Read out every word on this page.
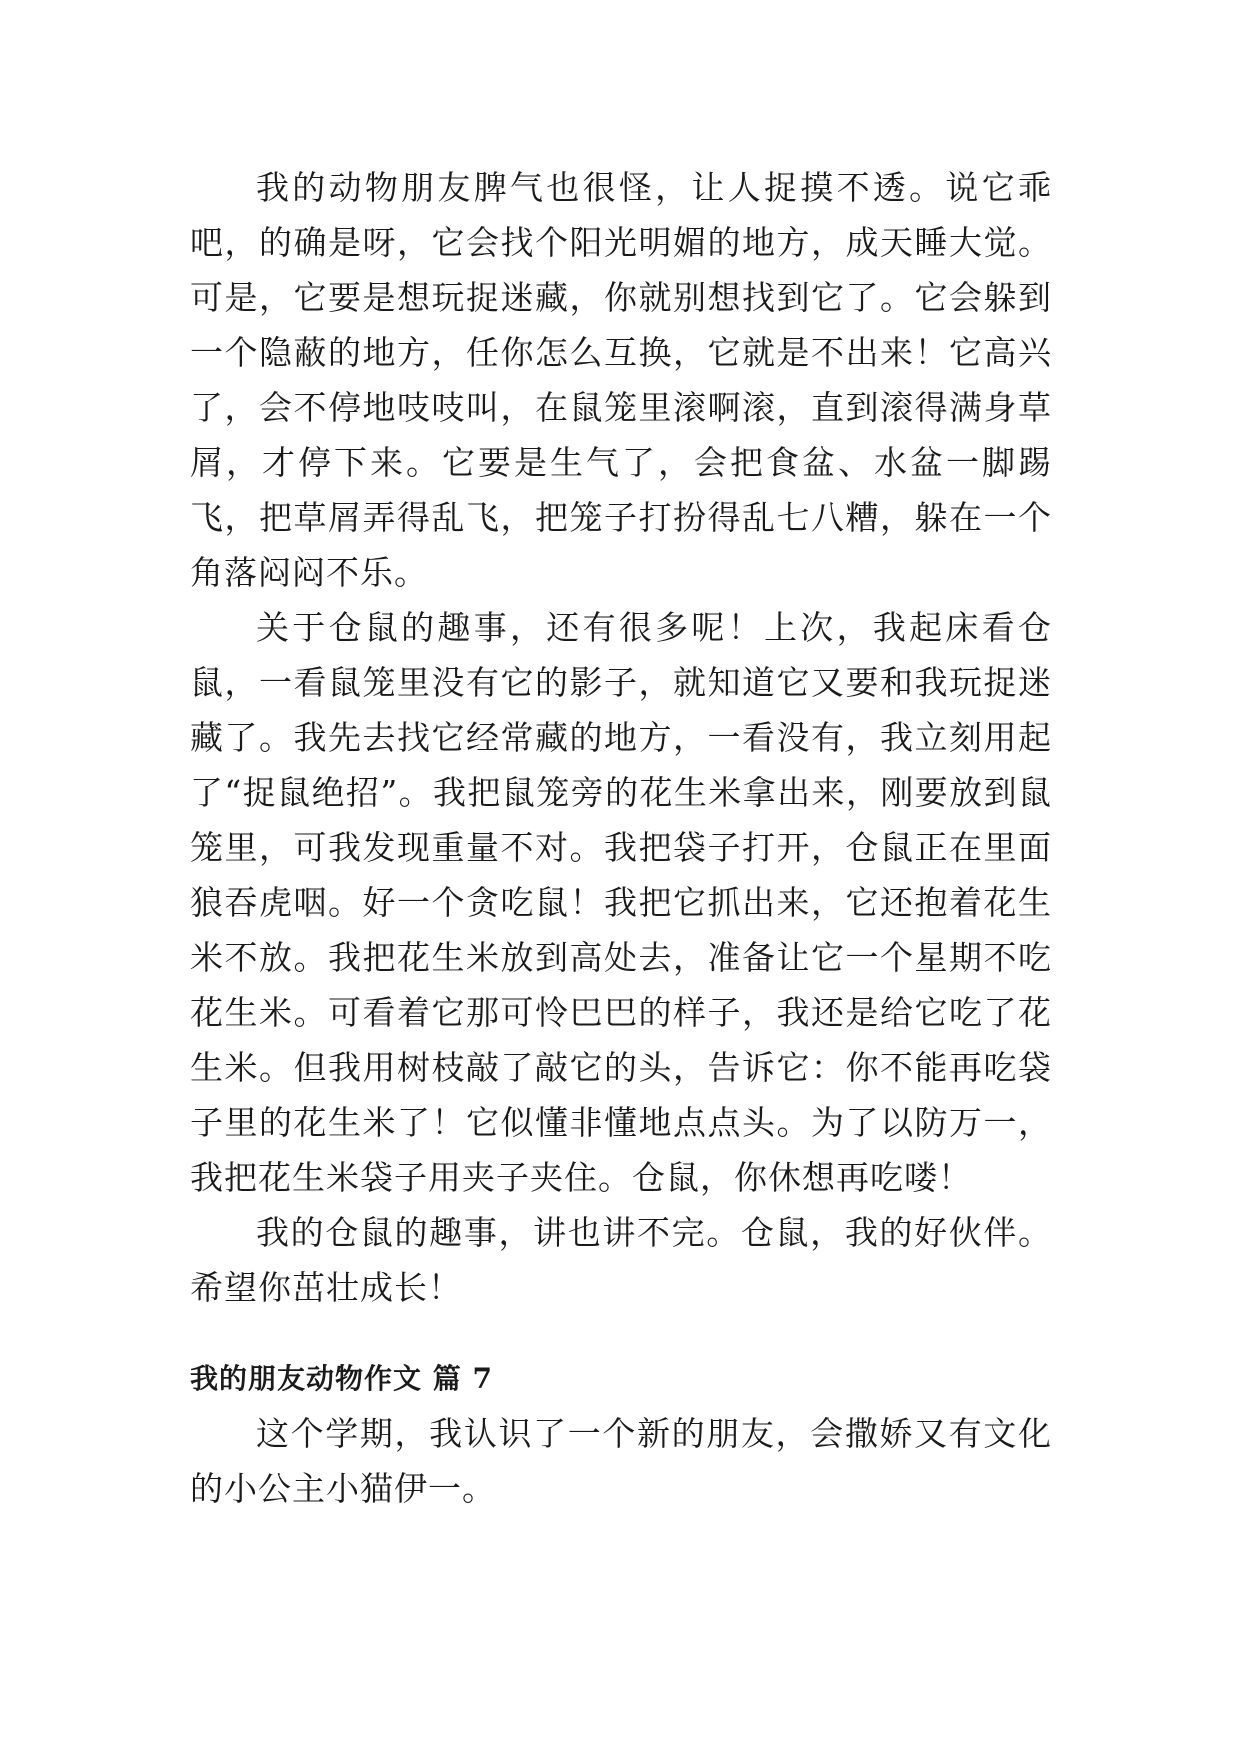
我的动物朋友脾气也很怪，让人捉摸不透。说它乖吧，的确是呀，它会找个阳光明媚的地方，成天睡大觉。可是，它要是想玩捉迷藏，你就别想找到它了。它会躲到一个隐蔽的地方，任你怎么互换，它就是不出来！它高兴了，会不停地吱吱叫，在鼠笼里滚啊滚，直到滚得满身草屑，才停下来。它要是生气了，会把食盆、水盆一脚踢飞，把草屑弄得乱飞，把笼子打扮得乱七八糟，躲在一个角落闷闷不乐。

关于仓鼠的趣事，还有很多呢！上次，我起床看仓鼠，一看鼠笼里没有它的影子，就知道它又要和我玩捉迷藏了。我先去找它经常藏的地方，一看没有，我立刻用起了“捉鼠绝招”。我把鼠笼旁的花生米拿出来，刚要放到鼠笼里，可我发现重量不对。我把袋子打开，仓鼠正在里面狼吞虎咽。好一个贪吃鼠！我把它抓出来，它还抱着花生米不放。我把花生米放到高处去，准备让它一个星期不吃花生米。可看着它那可怜巴巴的样子，我还是给它吃了花生米。但我用树枝敲了敲它的头，告诉它：你不能再吃袋子里的花生米了！它似懂非懂地点点头。为了以防万一，我把花生米袋子用夹子夹住。仓鼠，你休想再吃喽！

我的仓鼠的趣事，讲也讲不完。仓鼠，我的好伙伴。希望你茁壮成长！

我的朋友动物作文 篇 7

这个学期，我认识了一个新的朋友，会撒娇又有文化的小公主小猫伊一。
